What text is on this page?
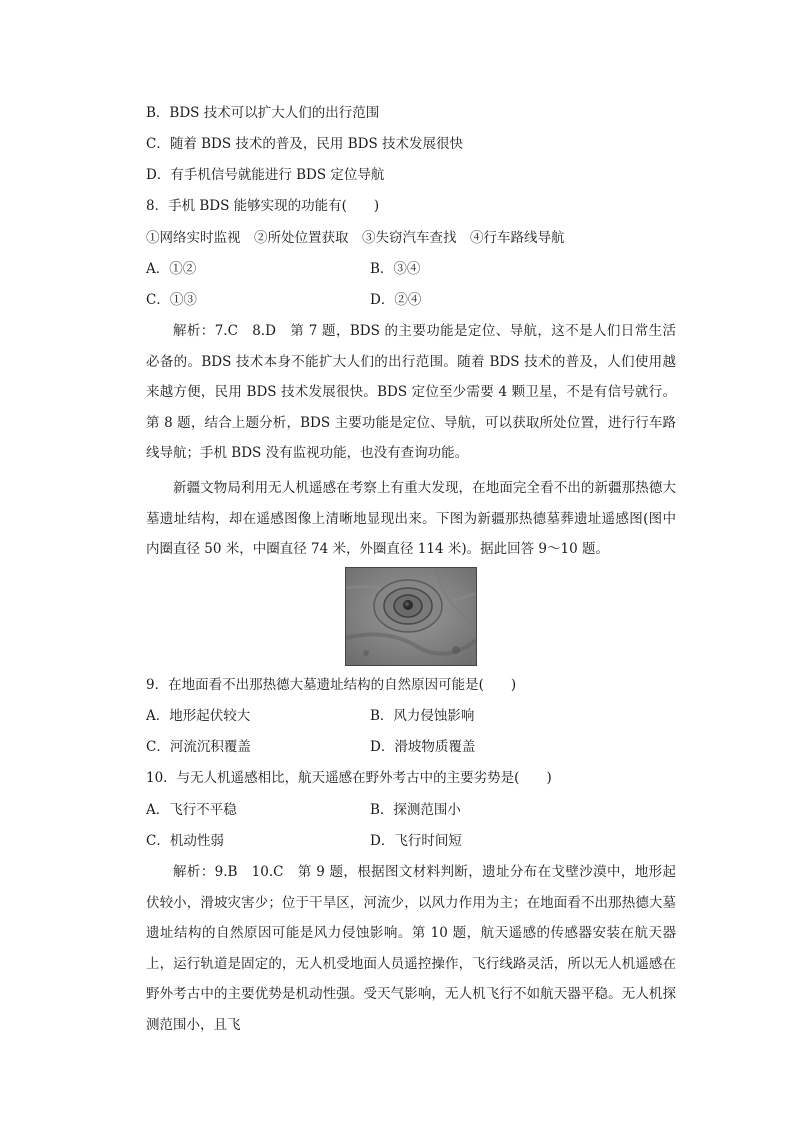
B．BDS 技术可以扩大人们的出行范围
C．随着 BDS 技术的普及，民用 BDS 技术发展很快
D．有手机信号就能进行 BDS 定位导航
8．手机 BDS 能够实现的功能有(　　)
①网络实时监视　②所处位置获取　③失窃汽车查找　④行车路线导航
A．①②	B．③④
C．①③	D．②④
解析：7.C　8.D　第 7 题，BDS 的主要功能是定位、导航，这不是人们日常生活必备的。BDS 技术本身不能扩大人们的出行范围。随着 BDS 技术的普及，人们使用越来越方便，民用 BDS 技术发展很快。BDS 定位至少需要 4 颗卫星，不是有信号就行。第 8 题，结合上题分析，BDS 主要功能是定位、导航，可以获取所处位置，进行行车路线导航；手机 BDS 没有监视功能，也没有查询功能。
新疆文物局利用无人机遥感在考察上有重大发现，在地面完全看不出的新疆那热德大墓遗址结构，却在遥感图像上清晰地显现出来。下图为新疆那热德墓葬遗址遥感图(图中内圈直径 50 米，中圈直径 74 米，外圈直径 114 米)。据此回答 9～10 题。
9．在地面看不出那热德大墓遗址结构的自然原因可能是(　　)
A．地形起伏较大	B．风力侵蚀影响
C．河流沉积覆盖	D．滑坡物质覆盖
10．与无人机遥感相比，航天遥感在野外考古中的主要劣势是(　　)
A．飞行不平稳	B．探测范围小
C．机动性弱	D．飞行时间短
解析：9.B　10.C　第 9 题，根据图文材料判断，遗址分布在戈壁沙漠中，地形起伏较小，滑坡灾害少；位于干旱区，河流少，以风力作用为主；在地面看不出那热德大墓遗址结构的自然原因可能是风力侵蚀影响。第 10 题，航天遥感的传感器安装在航天器上，运行轨道是固定的，无人机受地面人员遥控操作，飞行线路灵活，所以无人机遥感在野外考古中的主要优势是机动性强。受天气影响，无人机飞行不如航天器平稳。无人机探测范围小，且飞
